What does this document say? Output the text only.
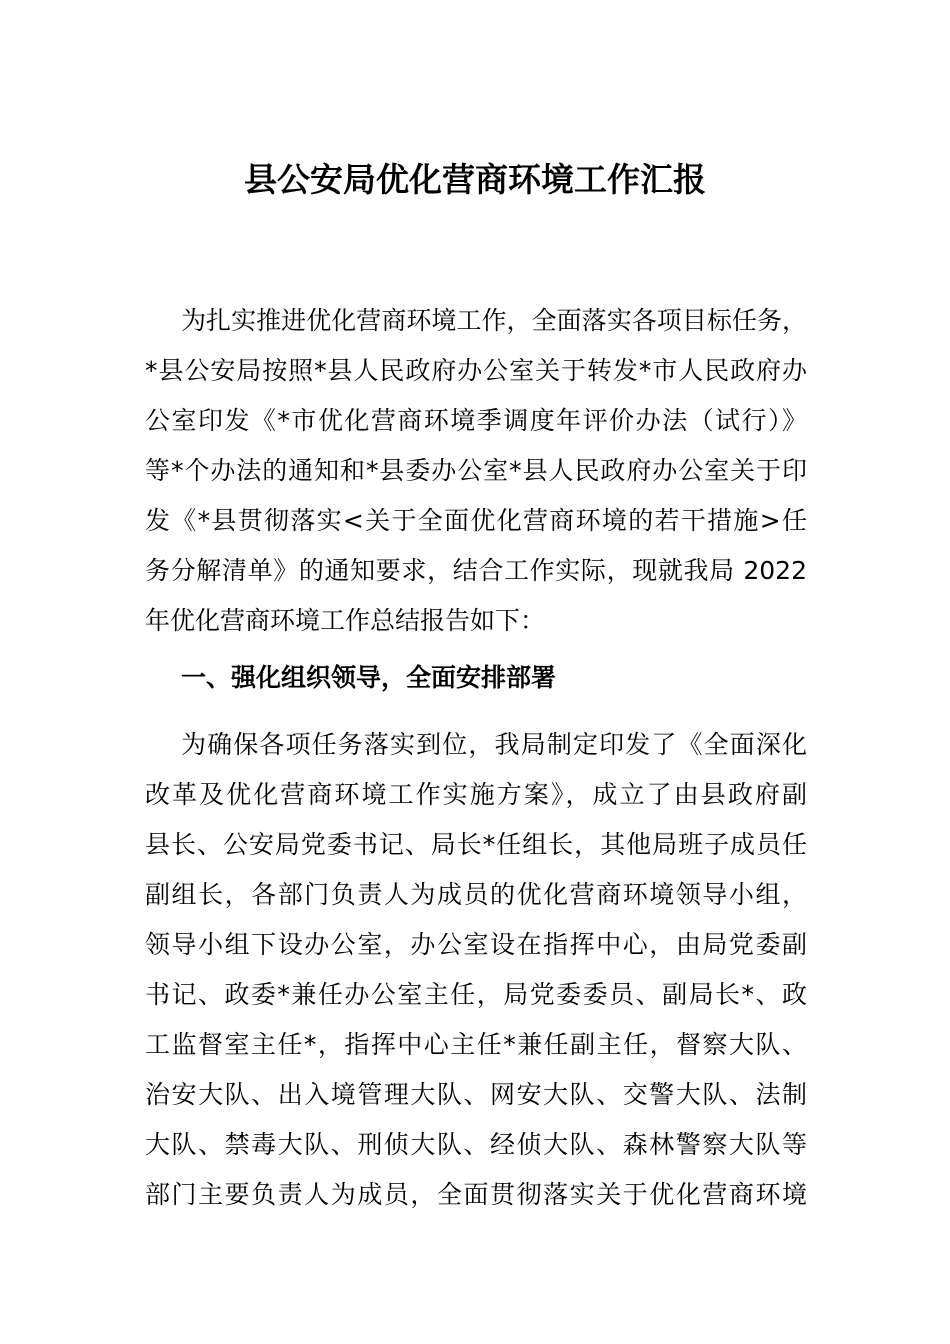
县公安局优化营商环境工作汇报

为扎实推进优化营商环境工作，全面落实各项目标任务，
*县公安局按照*县人民政府办公室关于转发*市人民政府办
公室印发《*市优化营商环境季调度年评价办法（试行）》
等*个办法的通知和*县委办公室*县人民政府办公室关于印
发《*县贯彻落实<关于全面优化营商环境的若干措施>任
务分解清单》的通知要求，结合工作实际，现就我局 2022
年优化营商环境工作总结报告如下：

一、强化组织领导，全面安排部署

为确保各项任务落实到位，我局制定印发了《全面深化
改革及优化营商环境工作实施方案》，成立了由县政府副
县长、公安局党委书记、局长*任组长，其他局班子成员任
副组长，各部门负责人为成员的优化营商环境领导小组，
领导小组下设办公室，办公室设在指挥中心，由局党委副
书记、政委*兼任办公室主任，局党委委员、副局长*、政
工监督室主任*，指挥中心主任*兼任副主任，督察大队、
治安大队、出入境管理大队、网安大队、交警大队、法制
大队、禁毒大队、刑侦大队、经侦大队、森林警察大队等
部门主要负责人为成员，全面贯彻落实关于优化营商环境
